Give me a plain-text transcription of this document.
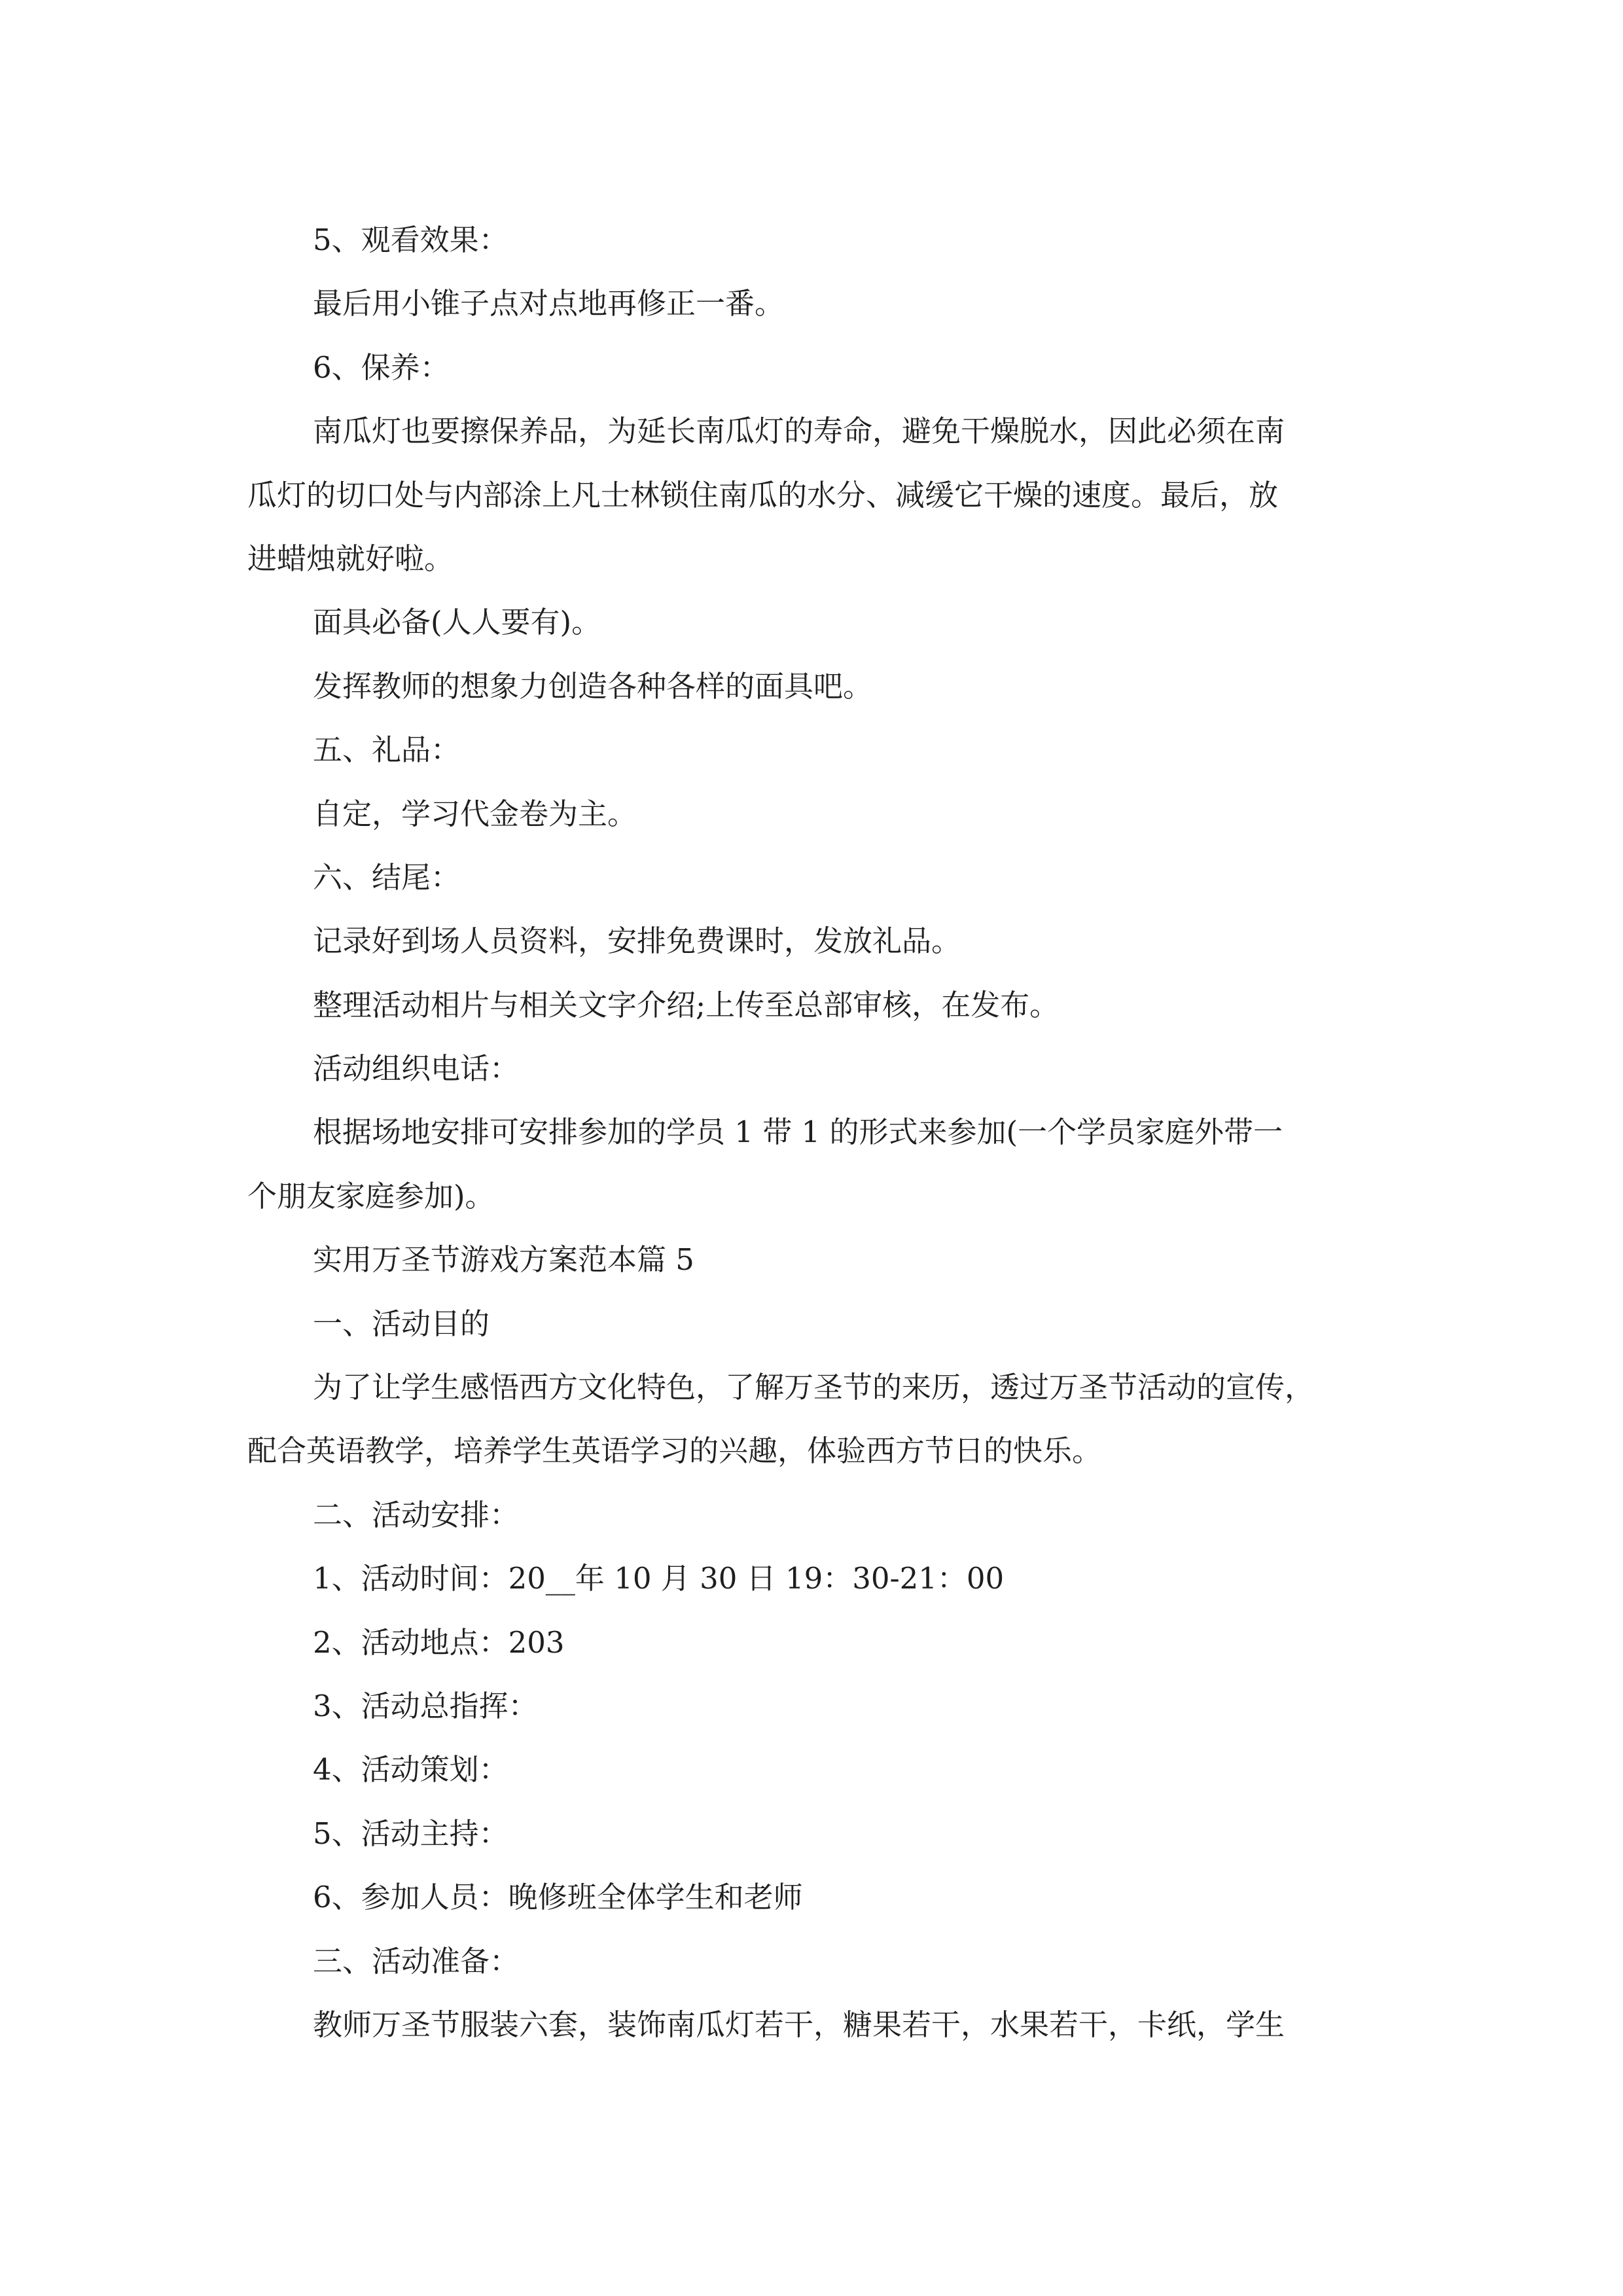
5、观看效果：

最后用小锥子点对点地再修正一番。

6、保养：

南瓜灯也要擦保养品，为延长南瓜灯的寿命，避免干燥脱水，因此必须在南

瓜灯的切口处与内部涂上凡士林锁住南瓜的水分、减缓它干燥的速度。最后，放

进蜡烛就好啦。

面具必备(人人要有)。

发挥教师的想象力创造各种各样的面具吧。

五、礼品：

自定，学习代金卷为主。

六、结尾：

记录好到场人员资料，安排免费课时，发放礼品。

整理活动相片与相关文字介绍;上传至总部审核，在发布。

活动组织电话：

根据场地安排可安排参加的学员 1 带 1 的形式来参加(一个学员家庭外带一

个朋友家庭参加)。

实用万圣节游戏方案范本篇 5

一、活动目的

为了让学生感悟西方文化特色，了解万圣节的来历，透过万圣节活动的宣传，

配合英语教学，培养学生英语学习的兴趣，体验西方节日的快乐。

二、活动安排：

1、活动时间：20__年 10 月 30 日 19：30-21：00

2、活动地点：203

3、活动总指挥：

4、活动策划：

5、活动主持：

6、参加人员：晚修班全体学生和老师

三、活动准备：

教师万圣节服装六套，装饰南瓜灯若干，糖果若干，水果若干，卡纸，学生
